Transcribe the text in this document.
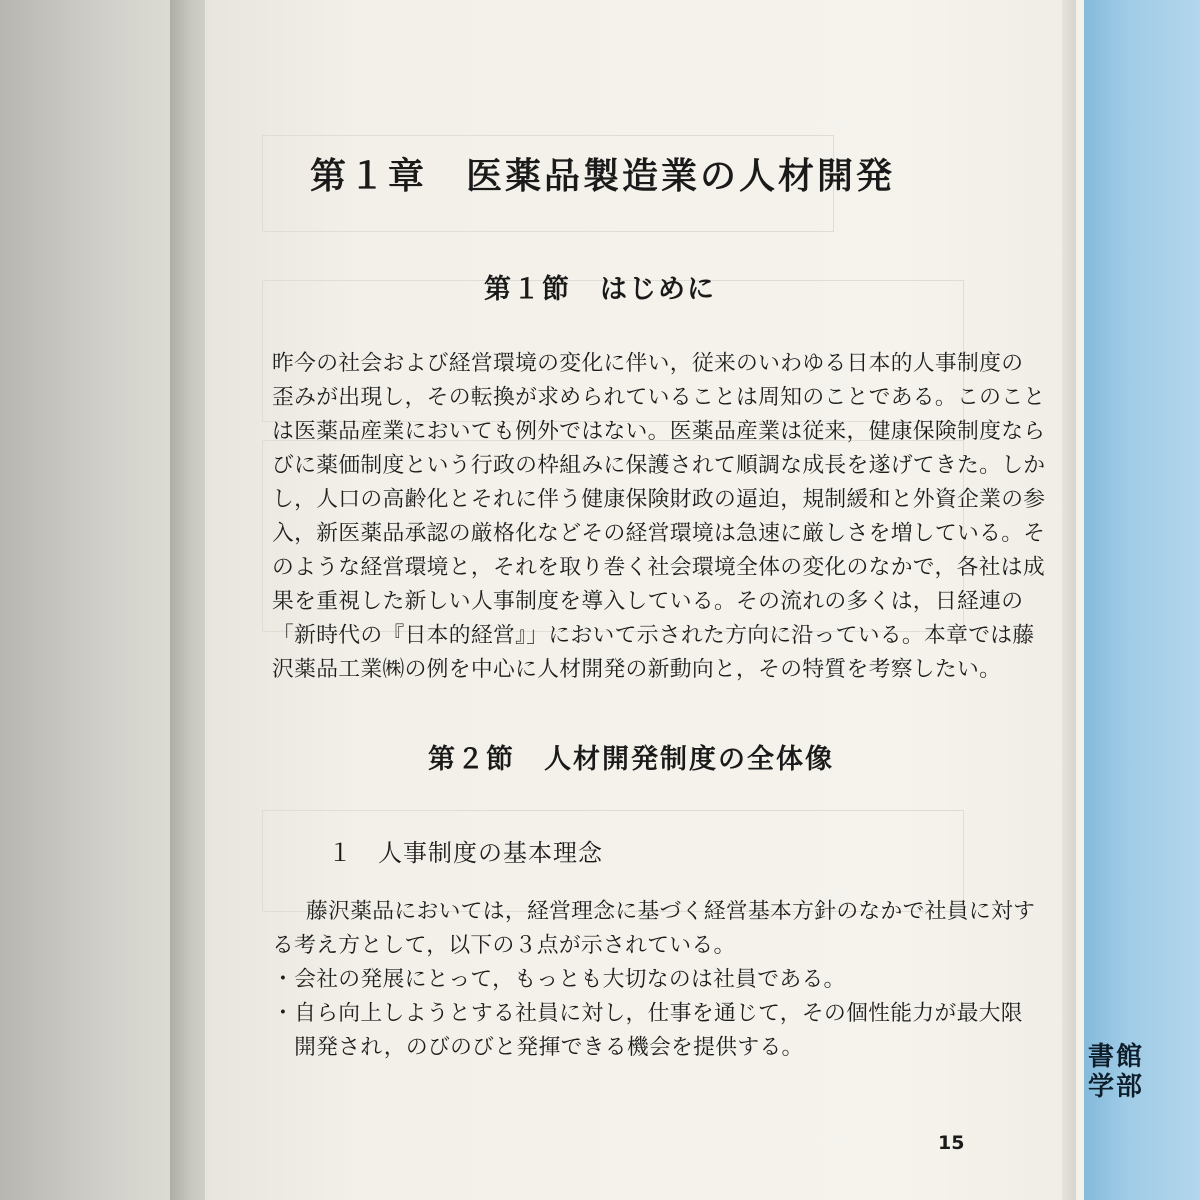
第１章　医薬品製造業の人材開発
第１節　はじめに
昨今の社会および経営環境の変化に伴い，従来のいわゆる日本的人事制度の
歪みが出現し，その転換が求められていることは周知のことである。このこと
は医薬品産業においても例外ではない。医薬品産業は従来，健康保険制度なら
びに薬価制度という行政の枠組みに保護されて順調な成長を遂げてきた。しか
し，人口の高齢化とそれに伴う健康保険財政の逼迫，規制緩和と外資企業の参
入，新医薬品承認の厳格化などその経営環境は急速に厳しさを増している。そ
のような経営環境と，それを取り巻く社会環境全体の変化のなかで，各社は成
果を重視した新しい人事制度を導入している。その流れの多くは，日経連の
「新時代の『日本的経営』」において示された方向に沿っている。本章では藤
沢薬品工業㈱の例を中心に人材開発の新動向と，その特質を考察したい。
第２節　人材開発制度の全体像
１　人事制度の基本理念
藤沢薬品においては，経営理念に基づく経営基本方針のなかで社員に対す
る考え方として，以下の３点が示されている。
・会社の発展にとって，もっとも大切なのは社員である。
・自ら向上しようとする社員に対し，仕事を通じて，その個性能力が最大限
　開発され，のびのびと発揮できる機会を提供する。
15
書館
学部
